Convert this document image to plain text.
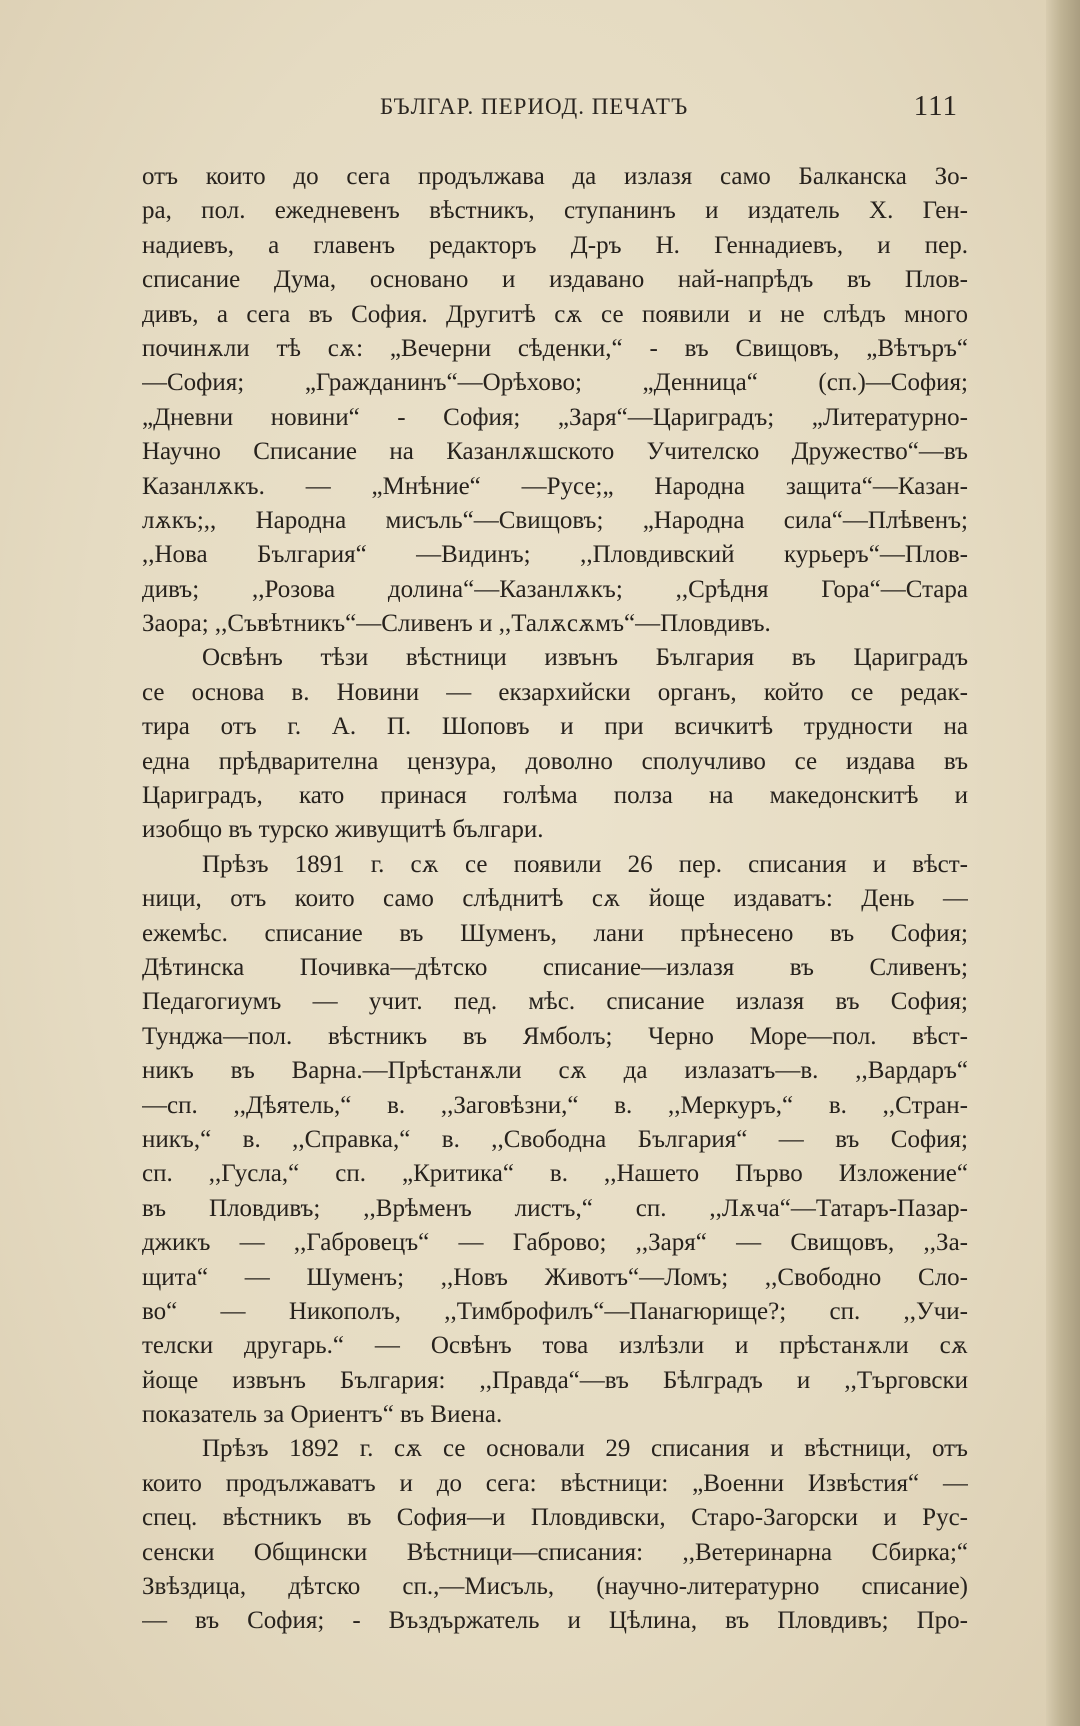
БЪЛГАР. ПЕРИОД. ПЕЧАТЪ	111
отъ които до сега продължава да излазя само Балканска Зо-
ра, пол. ежедневенъ вѣстникъ, ступанинъ и издатель Х. Ген-
надиевъ, а главенъ редакторъ Д-ръ Н. Геннадиевъ, и пер.
списание Дума, основано и издавано най-напрѣдъ въ Плов-
дивъ, а сега въ София. Другитѣ сѫ се появили и не слѣдъ много
починѫли тѣ сѫ: „Вечерни сѣденки,“ - въ Свищовъ, „Вѣтъръ“
—София; „Гражданинъ“—Орѣхово; „Денница“ (сп.)—София;
„Дневни новини“ - София; „Заря“—Цариградъ; „Литературно-
Научно Списание на Казанлѫшското Учителско Дружество“—въ
Казанлѫкъ. — „Мнѣние“ —Русе;„ Народна защита“—Казан-
лѫкъ;,, Народна мисъль“—Свищовъ; „Народна сила“—Плѣвенъ;
,,Нова България“ —Видинъ; ,,Пловдивский курьеръ“—Плов-
дивъ; ,,Розова долина“—Казанлѫкъ; ,,Срѣдня Гора“—Стара
Заора; ,,Съвѣтникъ“—Сливенъ и ,,Талѫсѫмъ“—Пловдивъ.
Освѣнъ тѣзи вѣстници извънъ България въ Цариградъ
се основа в. Новини — екзархийски органъ, който се редак-
тира отъ г. А. П. Шоповъ и при всичкитѣ трудности на
една прѣдварителна цензура, доволно сполучливо се издава въ
Цариградъ, като принася голѣма полза на македонскитѣ и
изобщо въ турско живущитѣ българи.
Прѣзъ 1891 г. сѫ се появили 26 пер. списания и вѣст-
ници, отъ които само слѣднитѣ сѫ йоще издаватъ: День —
ежемѣс. списание въ Шуменъ, лани прѣнесено въ София;
Дѣтинска Почивка—дѣтско списание—излазя въ Сливенъ;
Педагогиумъ — учит. пед. мѣс. списание излазя въ София;
Тунджа—пол. вѣстникъ въ Ямболъ; Черно Море—пол. вѣст-
никъ въ Варна.—Прѣстанѫли сѫ да излазатъ—в. ,,Вардаръ“
—сп. ,,Дѣятель,“ в. ,,Заговѣзни,“ в. ,,Меркуръ,“ в. ,,Стран-
никъ,“ в. ,,Справка,“ в. ,,Свободна България“ — въ София;
сп. ,,Гусла,“ сп. „Критика“ в. ,,Нашето Първо Изложение“
въ Пловдивъ; ,,Врѣменъ листъ,“ сп. ,,Лѫча“—Татаръ-Пазар-
джикъ — ,,Габровецъ“ — Габрово; ,,Заря“ — Свищовъ, ,,За-
щита“ — Шуменъ; ,,Новъ Животъ“—Ломъ; ,,Свободно Сло-
во“ — Никополъ, ,,Тимброфилъ“—Панагюрище?; сп. ,,Учи-
телски другарь.“ — Освѣнъ това излѣзли и прѣстанѫли сѫ
йоще извънъ България: ,,Правда“—въ Бѣлградъ и ,,Търговски
показатель за Ориентъ“ въ Виена.
Прѣзъ 1892 г. сѫ се основали 29 списания и вѣстници, отъ
които продължаватъ и до сега: вѣстници: „Военни Извѣстия“ —
спец. вѣстникъ въ София—и Пловдивски, Старо-Загорски и Рус-
сенски Общински Вѣстници—списания: ,,Ветеринарна Сбирка;“
Звѣздица, дѣтско сп.,—Мисъль, (научно-литературно списание)
— въ София; - Въздържатель и Цѣлина, въ Пловдивъ; Про-
